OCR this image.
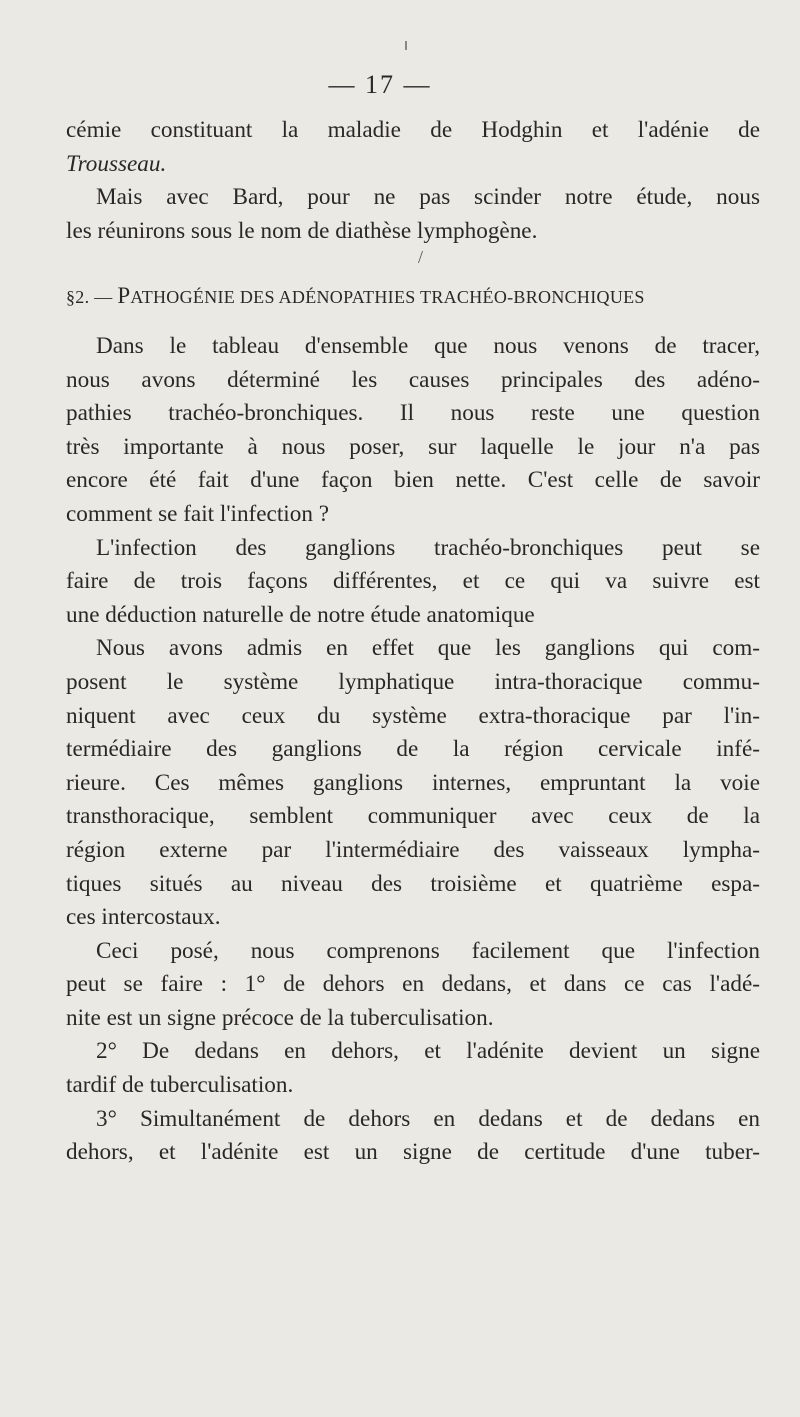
— 17 —
cémie constituant la maladie de Hodghin et l'adénie de
Trousseau.
Mais avec Bard, pour ne pas scinder notre étude, nous
les réunirons sous le nom de diathèse lymphogène.
/
§2. — PATHOGÉNIE DES ADÉNOPATHIES TRACHÉO-BRONCHIQUES
Dans le tableau d'ensemble que nous venons de tracer,
nous avons déterminé les causes principales des adéno-
pathies trachéo-bronchiques. Il nous reste une question
très importante à nous poser, sur laquelle le jour n'a pas
encore été fait d'une façon bien nette. C'est celle de savoir
comment se fait l'infection ?
L'infection des ganglions trachéo-bronchiques peut se
faire de trois façons différentes, et ce qui va suivre est
une déduction naturelle de notre étude anatomique
Nous avons admis en effet que les ganglions qui com-
posent le système lymphatique intra-thoracique commu-
niquent avec ceux du système extra-thoracique par l'in-
termédiaire des ganglions de la région cervicale infé-
rieure. Ces mêmes ganglions internes, empruntant la voie
transthoracique, semblent communiquer avec ceux de la
région externe par l'intermédiaire des vaisseaux lympha-
tiques situés au niveau des troisième et quatrième espa-
ces intercostaux.
Ceci posé, nous comprenons facilement que l'infection
peut se faire : 1° de dehors en dedans, et dans ce cas l'adé-
nite est un signe précoce de la tuberculisation.
2° De dedans en dehors, et l'adénite devient un signe
tardif de tuberculisation.
3° Simultanément de dehors en dedans et de dedans en
dehors, et l'adénite est un signe de certitude d'une tuber-
